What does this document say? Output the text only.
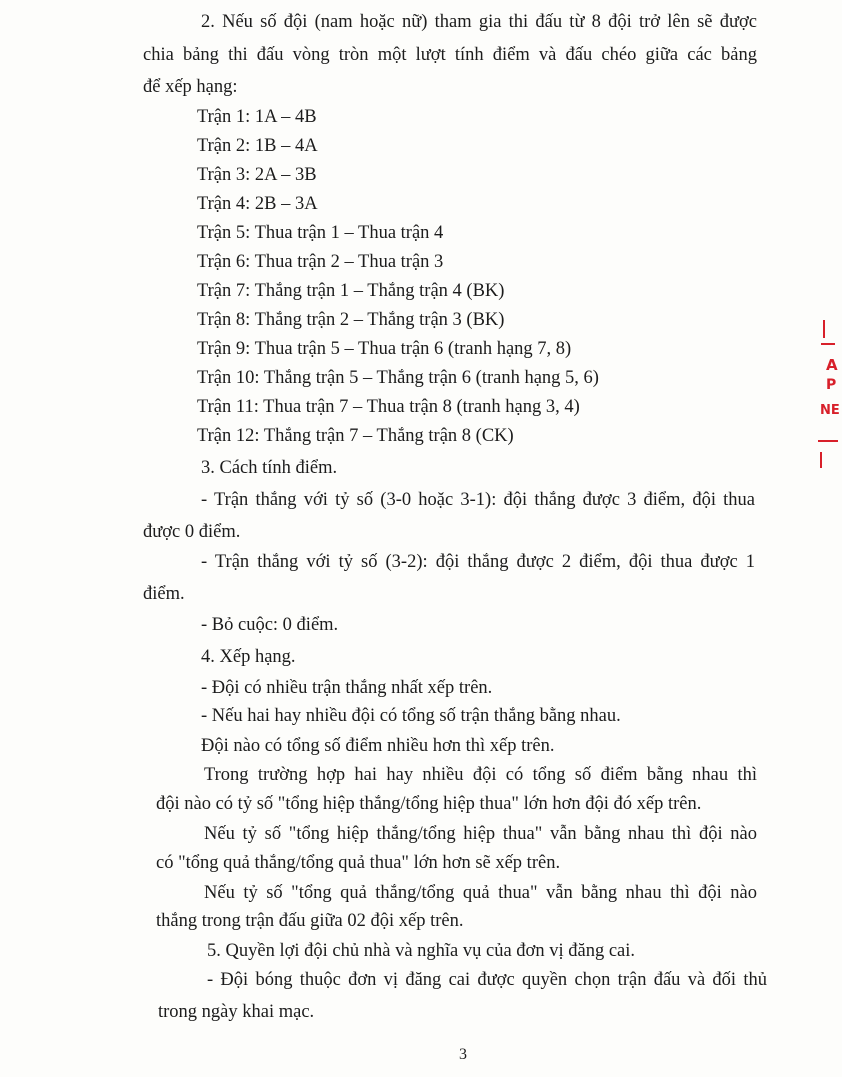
2. Nếu số đội (nam hoặc nữ) tham gia thi đấu từ 8 đội trở lên sẽ được
chia bảng thi đấu vòng tròn một lượt tính điểm và đấu chéo giữa các bảng
để xếp hạng:
Trận 1: 1A – 4B
Trận 2: 1B – 4A
Trận 3: 2A – 3B
Trận 4: 2B – 3A
Trận 5: Thua trận 1 – Thua trận 4
Trận 6: Thua trận 2 – Thua trận 3
Trận 7: Thắng trận 1 – Thắng trận 4 (BK)
Trận 8: Thắng trận 2 – Thắng trận 3 (BK)
Trận 9: Thua trận 5 – Thua trận 6 (tranh hạng 7, 8)
Trận 10: Thắng trận 5 – Thắng trận 6 (tranh hạng 5, 6)
Trận 11: Thua trận 7 – Thua trận 8 (tranh hạng 3, 4)
Trận 12: Thắng trận 7 – Thắng trận 8 (CK)
3. Cách tính điểm.
- Trận thắng với tỷ số (3-0 hoặc 3-1): đội thắng được 3 điểm, đội thua
được 0 điểm.
- Trận thắng với tỷ số (3-2): đội thắng được 2 điểm, đội thua được 1
điểm.
- Bỏ cuộc: 0 điểm.
4. Xếp hạng.
- Đội có nhiều trận thắng nhất xếp trên.
- Nếu hai hay nhiều đội có tổng số trận thắng bằng nhau.
Đội nào có tổng số điểm nhiều hơn thì xếp trên.
Trong trường hợp hai hay nhiều đội có tổng số điểm bằng nhau thì
đội nào có tỷ số "tổng hiệp thắng/tổng hiệp thua" lớn hơn đội đó xếp trên.
Nếu tỷ số "tổng hiệp thắng/tổng hiệp thua" vẫn bằng nhau thì đội nào
có "tổng quả thắng/tổng quả thua" lớn hơn sẽ xếp trên.
Nếu tỷ số "tổng quả thắng/tổng quả thua" vẫn bằng nhau thì đội nào
thắng trong trận đấu giữa 02 đội xếp trên.
5. Quyền lợi đội chủ nhà và nghĩa vụ của đơn vị đăng cai.
- Đội bóng thuộc đơn vị đăng cai được quyền chọn trận đấu và đối thủ
trong ngày khai mạc.
3
A
P
NE
